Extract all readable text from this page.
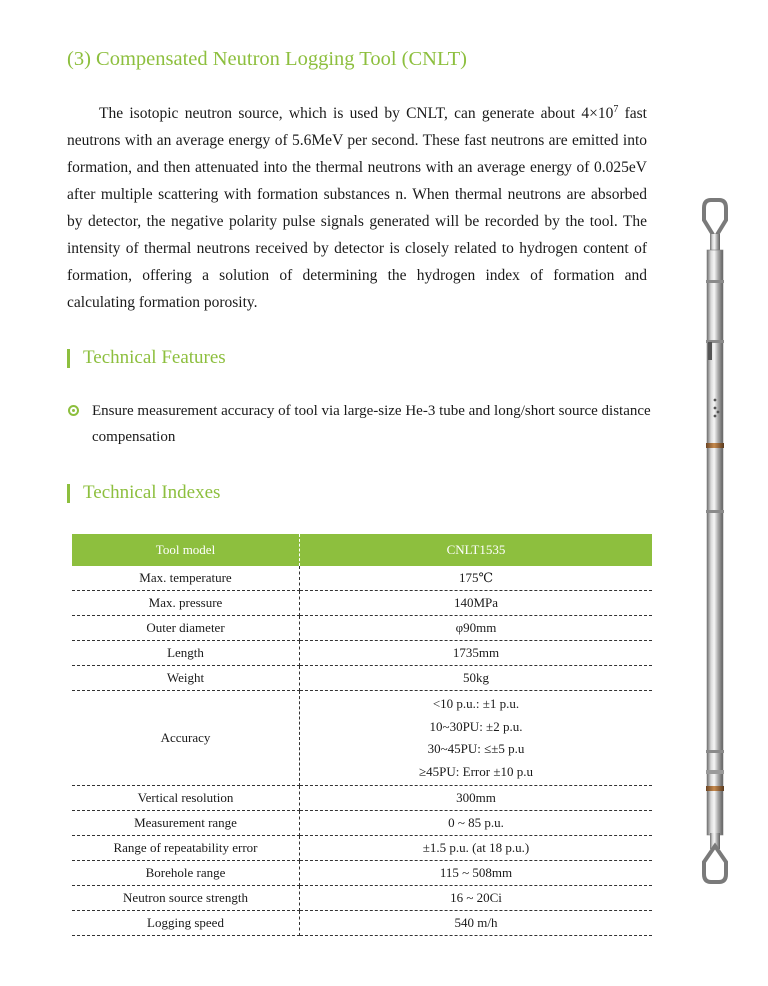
(3) Compensated Neutron Logging Tool (CNLT)

The isotopic neutron source, which is used by CNLT, can generate about $4\times 10^7$ fast neutrons with an average energy of 5.6MeV per second. These fast neutrons are emitted into formation, and then attenuated into the thermal neutrons with an average energy of 0.025eV after multiple scattering with formation substances n. When thermal neutrons are absorbed by detector, the negative polarity pulse signals generated will be recorded by the tool. The intensity of thermal neutrons received by detector is closely related to hydrogen content of formation, offering a solution of determining the hydrogen index of formation and calculating formation porosity.

Technical Features
Ensure measurement accuracy of tool via large-size He-3 tube and long/short source distance compensation
Technical Indexes
Tool model	CNLT1535
Max. temperature	175℃
Max. pressure	140MPa
Outer diameter	φ90mm
Length	1735mm
Weight	50kg
Accuracy	<10 p.u.: ±1 p.u.
10~30PU: ±2 p.u.
30~45PU: ≤±5 p.u
≥45PU: Error ±10 p.u

Vertical resolution	300mm
Measurement range	0 ~ 85 p.u.
Range of repeatability error	±1.5 p.u. (at 18 p.u.)
Borehole range	115 ~ 508mm
Neutron source strength	16 ~ 20Ci
Logging speed	540 m/h
